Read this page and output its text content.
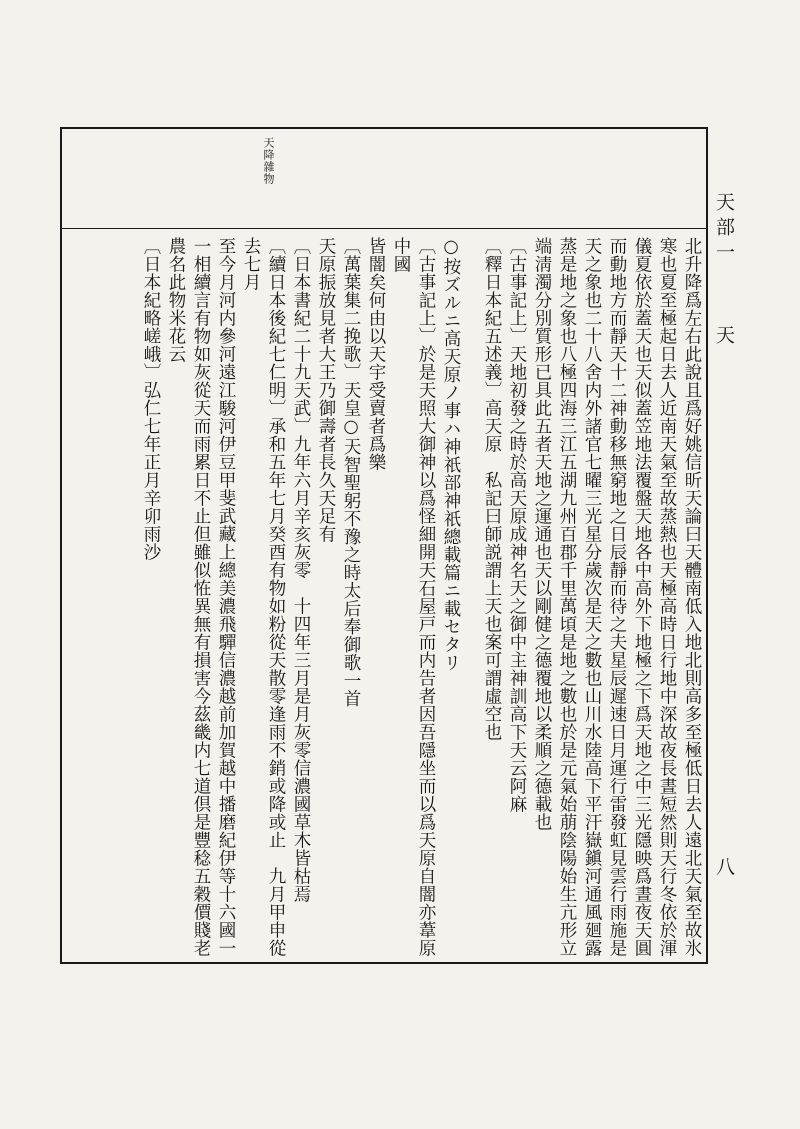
天降雜物

北升降爲左右此說且爲好姚信昕天論曰天體南低入地北則高多至極低日去人遠北天氣至故氷

寒也夏至極起日去人近南天氣至故蒸熱也天極高時日行地中深故夜長晝短然則天行冬依於渾

儀夏依於蓋天也天似蓋笠地法覆盤天地各中高外下地極之下爲天地之中三光隱映爲晝夜天圓

而動地方而靜天十二神動移無窮地之日辰靜而待之夫星辰遲速日月運行雷發虹見雲行雨施是

天之象也二十八舍内外諸官七曜三光星分歲次是天之數也山川水陸高下平汗嶽鎭河通風廻露

蒸是地之象也八極四海三江五湖九州百郡千里萬頃是地之數也於是元氣始萠陰陽始生亢形立

端淸濁分別質形已具此五者天地之運通也天以剛健之德覆地以柔順之德載也

〔古事記上〕天地初發之時於高天原成神名天之御中主神訓高下天云阿麻

〔釋日本紀五述義〕高天原　私記曰師説謂上天也案可謂虛空也

○按ズルニ高天原ノ事ハ神祇部神祇總載篇ニ載セタリ

〔古事記上〕於是天照大御神以爲怪細開天石屋戸而内告者因吾隱坐而以爲天原自闇亦葦原中國

皆闇矣何由以天宇受賣者爲樂

〔萬葉集二挽歌〕天皇○天智聖躬不豫之時太后奉御歌一首

天原振放見者大王乃御壽者長久天足有

〔日本書紀二十九天武〕九年六月辛亥灰零　十四年三月是月灰零信濃國草木皆枯焉

〔續日本後紀七仁明〕承和五年七月癸酉有物如粉從天散零逢雨不銷或降或止　九月甲申從去七月

至今月河内參河遠江駿河伊豆甲斐武藏上總美濃飛驒信濃越前加賀越中播磨紀伊等十六國一

一相續言有物如灰從天而雨累日不止但雖似恠異無有損害今茲畿内七道倶是豐稔五穀價賤老

農名此物米花云

〔日本紀略嵯峨〕弘仁七年正月辛卯雨沙

天部一
天
八
